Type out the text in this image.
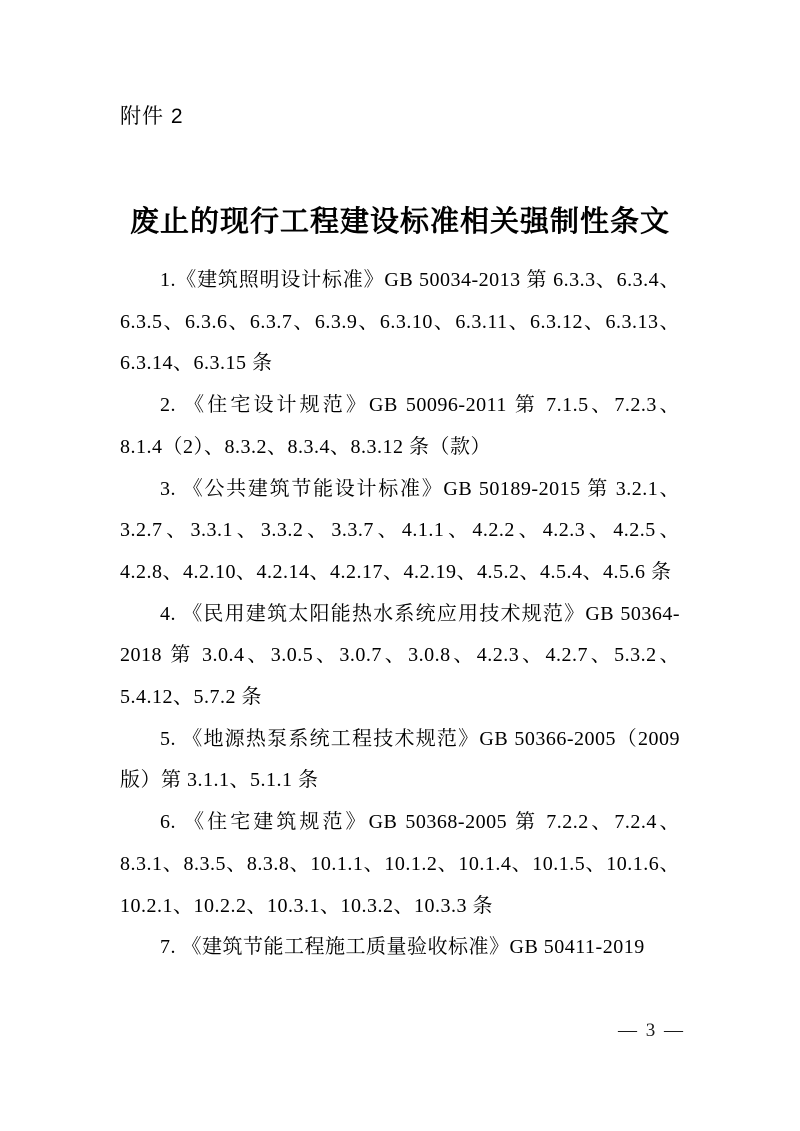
附件 2
废止的现行工程建设标准相关强制性条文

1.《建筑照明设计标准》GB 50034-2013 第 6.3.3、6.3.4、6.3.5、6.3.6、6.3.7、6.3.9、6.3.10、6.3.11、6.3.12、6.3.13、6.3.14、6.3.15 条

2. 《住宅设计规范》GB 50096-2011 第 7.1.5、7.2.3、8.1.4（2）、8.3.2、8.3.4、8.3.12 条（款）

3. 《公共建筑节能设计标准》GB 50189-2015 第 3.2.1、3.2.7、3.3.1、3.3.2、3.3.7、4.1.1、4.2.2、4.2.3、4.2.5、4.2.8、4.2.10、4.2.14、4.2.17、4.2.19、4.5.2、4.5.4、4.5.6 条

4. 《民用建筑太阳能热水系统应用技术规范》GB 50364-2018 第 3.0.4、3.0.5、3.0.7、3.0.8、4.2.3、4.2.7、5.3.2、5.4.12、5.7.2 条

5. 《地源热泵系统工程技术规范》GB 50366-2005（2009 版）第 3.1.1、5.1.1 条

6. 《住宅建筑规范》GB 50368-2005 第 7.2.2、7.2.4、8.3.1、8.3.5、8.3.8、10.1.1、10.1.2、10.1.4、10.1.5、10.1.6、10.2.1、10.2.2、10.3.1、10.3.2、10.3.3 条

7. 《建筑节能工程施工质量验收标准》GB 50411-2019

— 3 —
